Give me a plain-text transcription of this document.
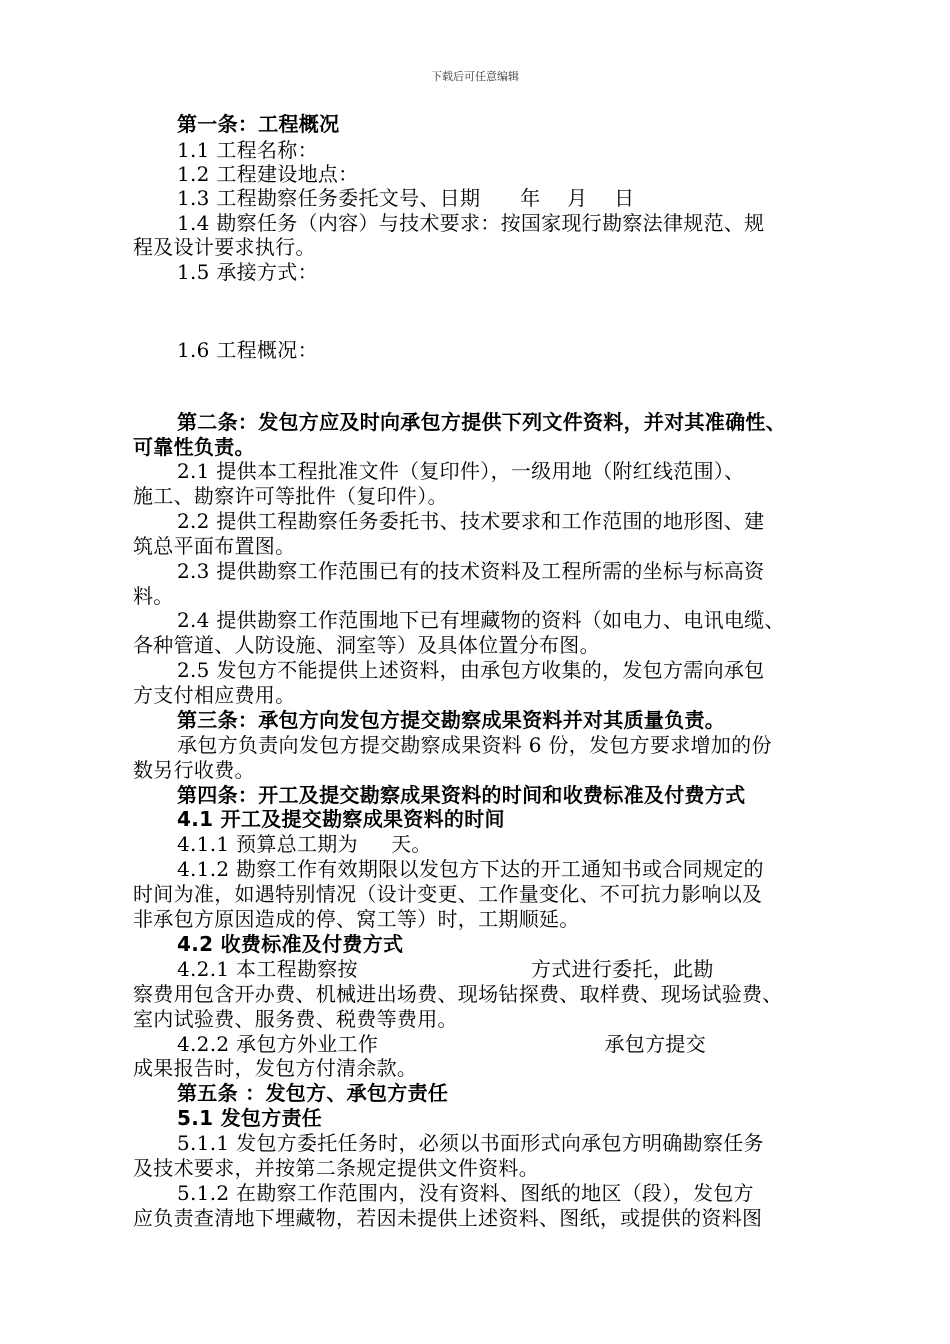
下载后可任意编辑
第一条：工程概况
1.1 工程名称：
1.2 工程建设地点：
1.3 工程勘察任务委托文号、日期      年    月    日
1.4 勘察任务（内容）与技术要求：按国家现行勘察法律规范、规
程及设计要求执行。
1.5 承接方式：
1.6 工程概况：
第二条：发包方应及时向承包方提供下列文件资料，并对其准确性、
可靠性负责。
2.1 提供本工程批准文件（复印件），一级用地（附红线范围）、
施工、勘察许可等批件（复印件）。
2.2 提供工程勘察任务委托书、技术要求和工作范围的地形图、建
筑总平面布置图。
2.3 提供勘察工作范围已有的技术资料及工程所需的坐标与标高资
料。
2.4 提供勘察工作范围地下已有埋藏物的资料（如电力、电讯电缆、
各种管道、人防设施、洞室等）及具体位置分布图。
2.5 发包方不能提供上述资料，由承包方收集的，发包方需向承包
方支付相应费用。
第三条：承包方向发包方提交勘察成果资料并对其质量负责。
承包方负责向发包方提交勘察成果资料 6 份，发包方要求增加的份
数另行收费。
第四条：开工及提交勘察成果资料的时间和收费标准及付费方式
4.1 开工及提交勘察成果资料的时间
4.1.1 预算总工期为     天。
4.1.2 勘察工作有效期限以发包方下达的开工通知书或合同规定的
时间为准，如遇特别情况（设计变更、工作量变化、不可抗力影响以及
非承包方原因造成的停、窝工等）时，工期顺延。
4.2 收费标准及付费方式
4.2.1 本工程勘察按                          方式进行委托，此勘
察费用包含开办费、机械进出场费、现场钻探费、取样费、现场试验费、
室内试验费、服务费、税费等费用。
4.2.2 承包方外业工作                                  承包方提交
成果报告时，发包方付清余款。
第五条 ：发包方、承包方责任
5.1 发包方责任
5.1.1 发包方委托任务时，必须以书面形式向承包方明确勘察任务
及技术要求，并按第二条规定提供文件资料。
5.1.2 在勘察工作范围内，没有资料、图纸的地区（段），发包方
应负责查清地下埋藏物，若因未提供上述资料、图纸，或提供的资料图
